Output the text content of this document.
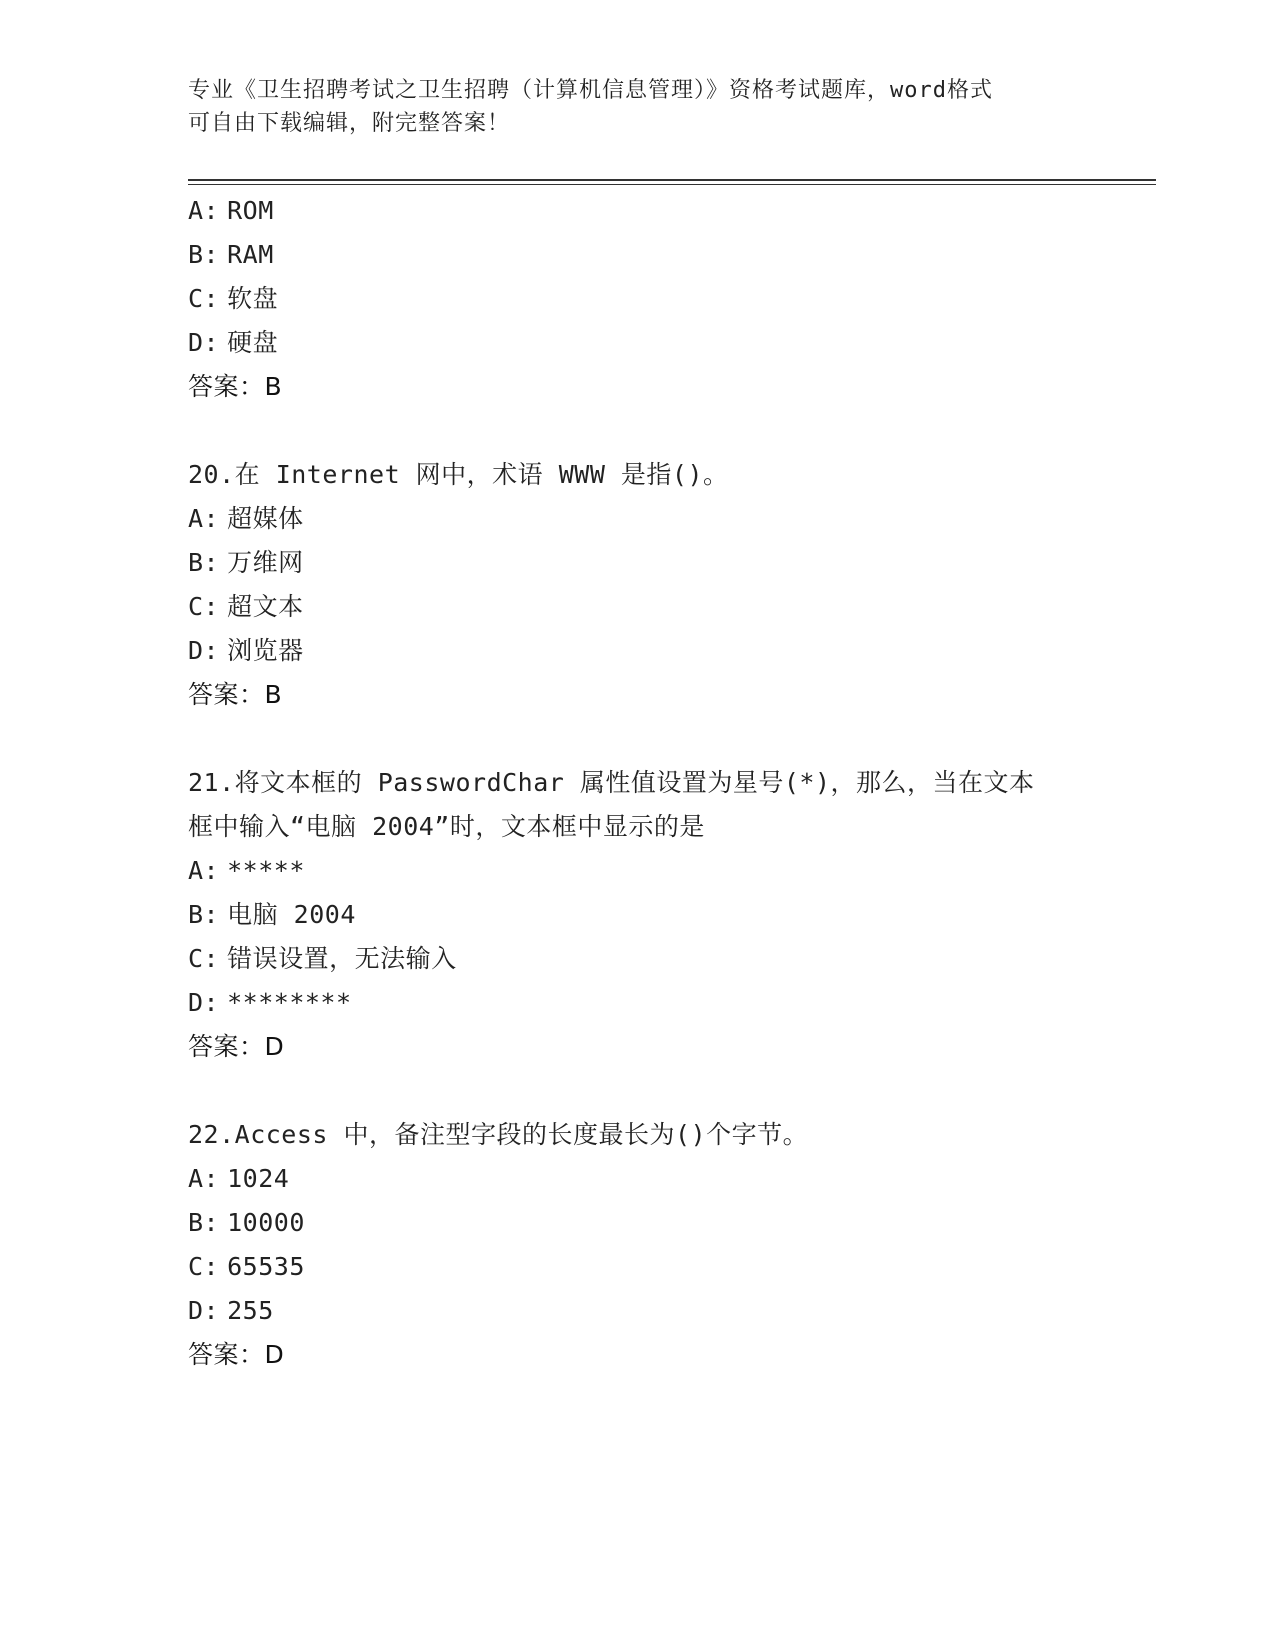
专业《卫生招聘考试之卫生招聘（计算机信息管理）》资格考试题库，word格式
可自由下载编辑，附完整答案！
A: ROM
B: RAM
C: 软盘
D: 硬盘
答案：B
20.在 Internet 网中，术语 WWW 是指()。
A: 超媒体
B: 万维网
C: 超文本
D: 浏览器
答案：B
21.将文本框的 PasswordChar 属性值设置为星号(*)，那么，当在文本
框中输入“电脑 2004”时，文本框中显示的是
A: *****
B: 电脑 2004
C: 错误设置，无法输入
D: ********
答案：D
22.Access 中，备注型字段的长度最长为()个字节。
A: 1024
B: 10000
C: 65535
D: 255
答案：D
